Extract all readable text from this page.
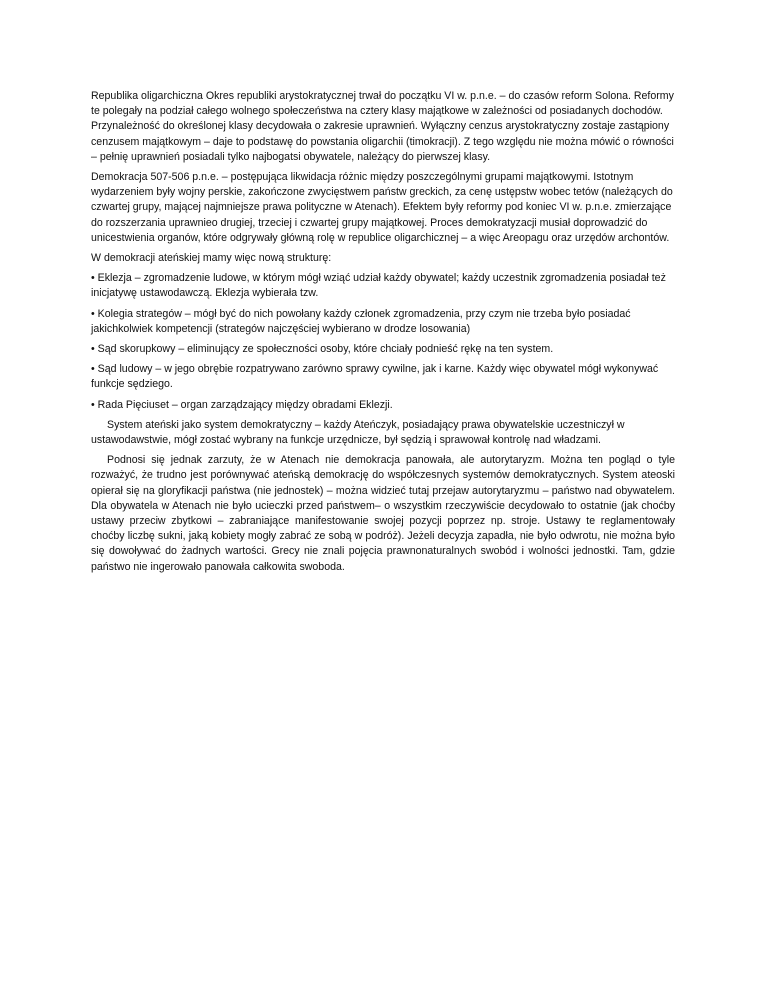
Republika oligarchiczna Okres republiki arystokratycznej trwał do początku VI w. p.n.e. – do czasów reform Solona. Reformy te polegały na podział całego wolnego społeczeństwa na cztery klasy majątkowe w zależności od posiadanych dochodów. Przynależność do określonej klasy decydowała o zakresie uprawnień. Wyłączny cenzus arystokratyczny zostaje zastąpiony cenzusem majątkowym – daje to podstawę do powstania oligarchii (timokracji). Z tego względu nie można mówić o równości – pełnię uprawnień posiadali tylko najbogatsi obywatele, należący do pierwszej klasy.

Demokracja 507-506 p.n.e. – postępująca likwidacja różnic między poszczególnymi grupami majątkowymi. Istotnym wydarzeniem były wojny perskie, zakończone zwycięstwem państw greckich, za cenę ustępstw wobec tetów (należących do czwartej grupy, mającej najmniejsze prawa polityczne w Atenach). Efektem były reformy pod koniec VI w. p.n.e. zmierzające do rozszerzania uprawnieo drugiej, trzeciej i czwartej grupy majątkowej. Proces demokratyzacji musiał doprowadzić do unicestwienia organów, które odgrywały główną rolę w republice oligarchicznej – a więc Areopagu oraz urzędów archontów.

W demokracji ateńskiej mamy więc nową strukturę:

• Eklezja – zgromadzenie ludowe, w którym mógł wziąć udział każdy obywatel; każdy uczestnik zgromadzenia posiadał też inicjatywę ustawodawczą. Eklezja wybierała tzw.

• Kolegia strategów – mógł być do nich powołany każdy członek zgromadzenia, przy czym nie trzeba było posiadać jakichkolwiek kompetencji (strategów najczęściej wybierano w drodze losowania)

• Sąd skorupkowy – eliminujący ze społeczności osoby, które chciały podnieść rękę na ten system.

• Sąd ludowy – w jego obrębie rozpatrywano zarówno sprawy cywilne, jak i karne. Każdy więc obywatel mógł wykonywać funkcje sędziego.

• Rada Pięciuset – organ zarządzający między obradami Eklezji.

System ateński jako system demokratyczny – każdy Ateńczyk, posiadający prawa obywatelskie uczestniczył w ustawodawstwie, mógł zostać wybrany na funkcje urzędnicze, był sędzią i sprawował kontrolę nad władzami.

Podnosi się jednak zarzuty, że w Atenach nie demokracja panowała, ale autorytaryzm. Można ten pogląd o tyle rozważyć, że trudno jest porównywać ateńską demokrację do współczesnych systemów demokratycznych. System ateoski opierał się na gloryfikacji państwa (nie jednostek) – można widzieć tutaj przejaw autorytaryzmu – państwo nad obywatelem. Dla obywatela w Atenach nie było ucieczki przed państwem– o wszystkim rzeczywiście decydowało to ostatnie (jak choćby ustawy przeciw zbytkowi – zabraniające manifestowanie swojej pozycji poprzez np. stroje. Ustawy te reglamentowały choćby liczbę sukni, jaką kobiety mogły zabrać ze sobą w podróż). Jeżeli decyzja zapadła, nie było odwrotu, nie można było się dowoływać do żadnych wartości. Grecy nie znali pojęcia prawnonaturalnych swobód i wolności jednostki. Tam, gdzie państwo nie ingerowało panowała całkowita swoboda.
